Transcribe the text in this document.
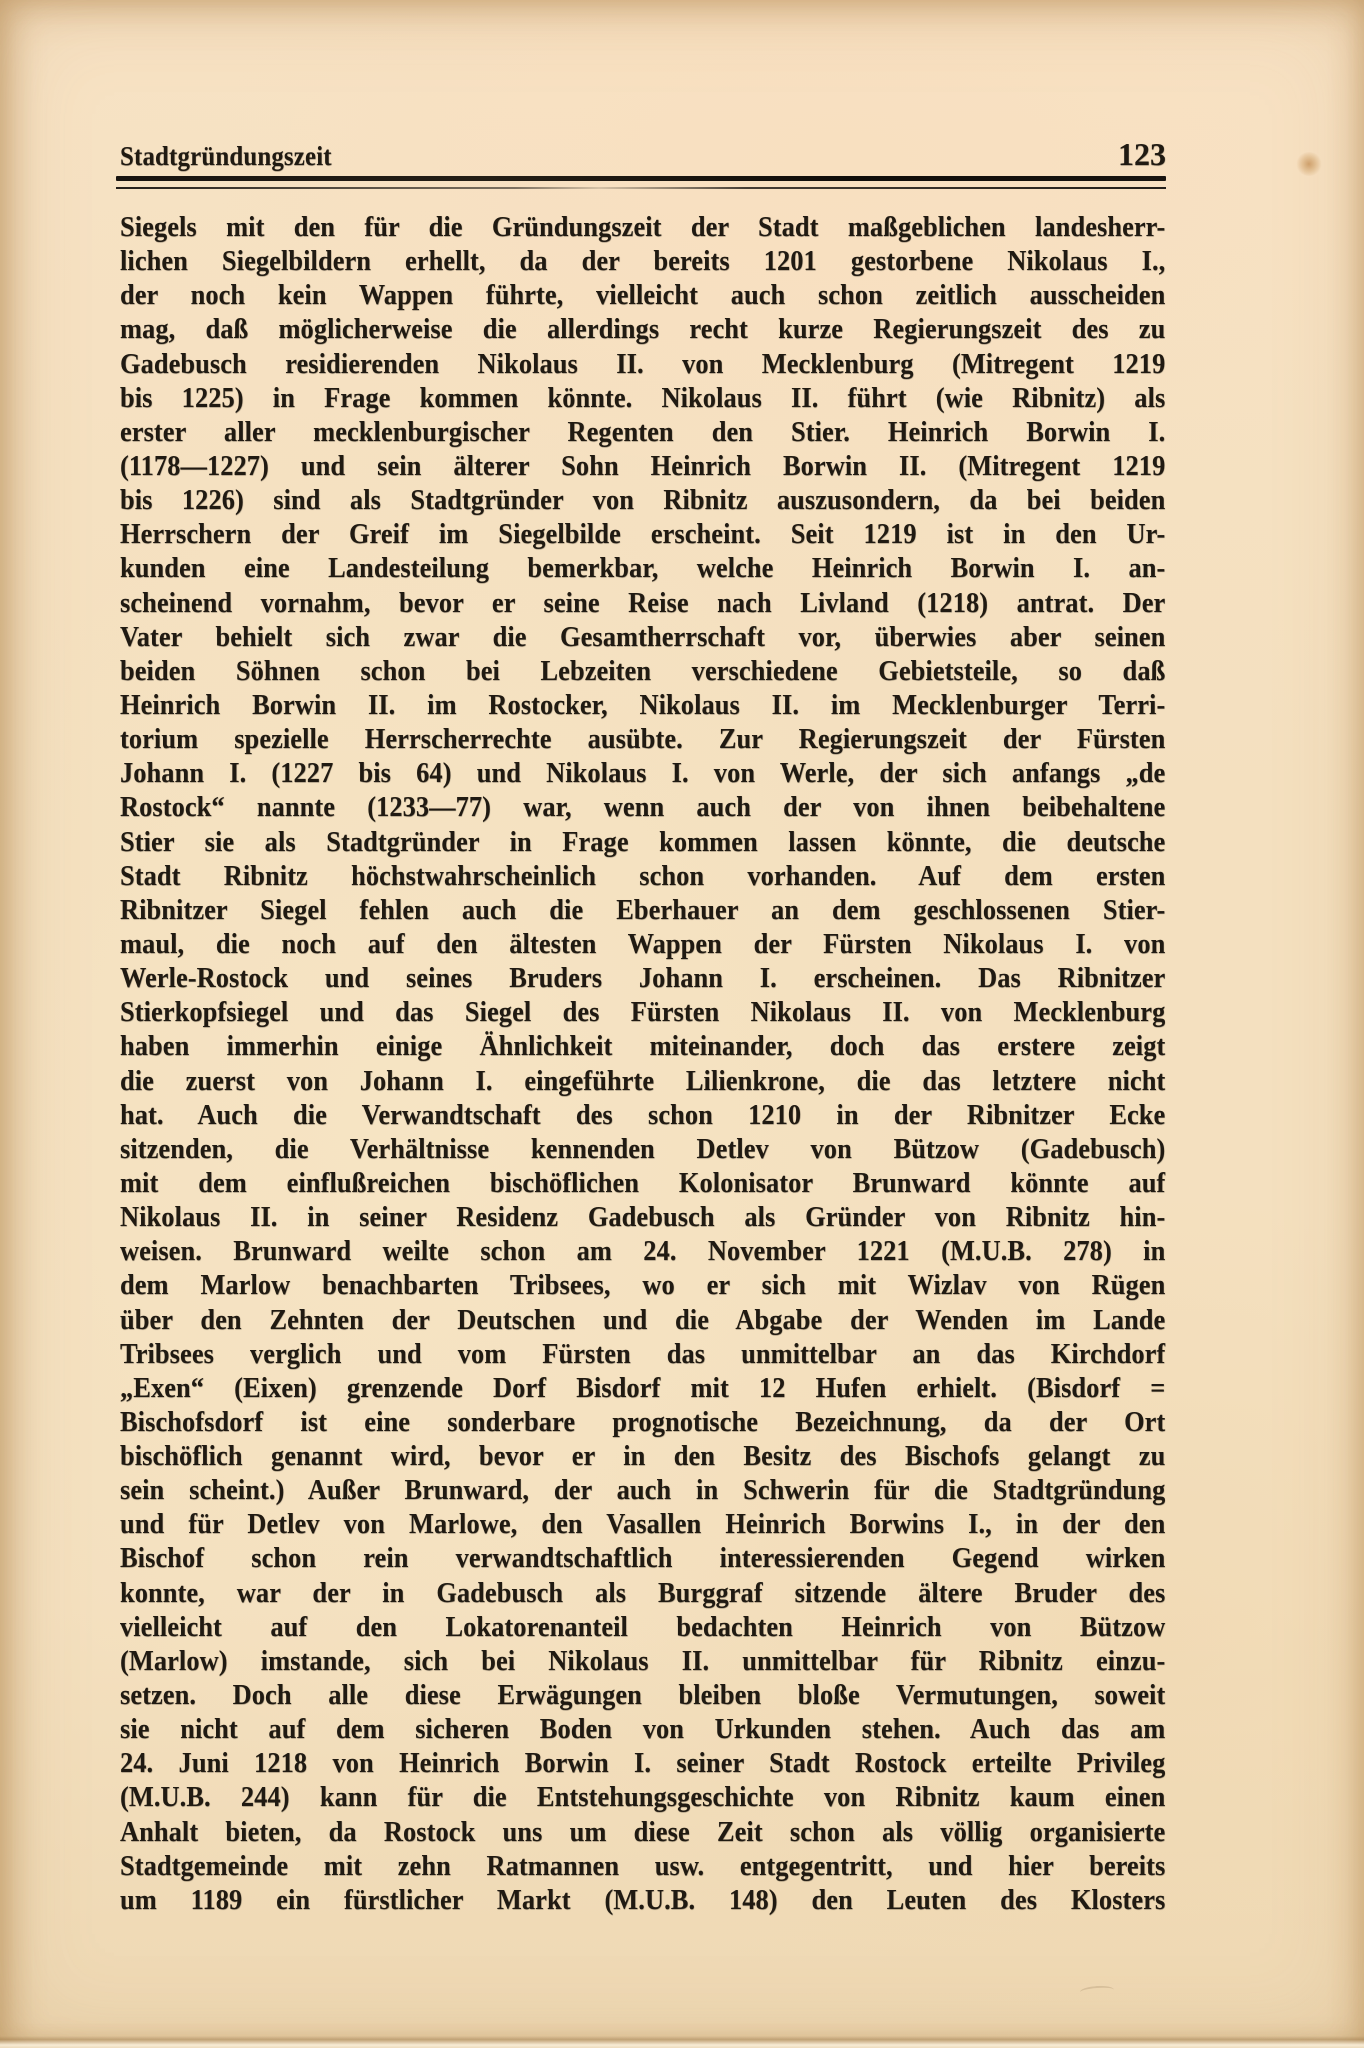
Stadtgründungszeit	123

Siegels mit den für die Gründungszeit der Stadt maßgeblichen landesherr-

lichen Siegelbildern erhellt, da der bereits 1201 gestorbene Nikolaus I.,

der noch kein Wappen führte, vielleicht auch schon zeitlich ausscheiden

mag, daß möglicherweise die allerdings recht kurze Regierungszeit des zu

Gadebusch residierenden Nikolaus II. von Mecklenburg (Mitregent 1219

bis 1225) in Frage kommen könnte. Nikolaus II. führt (wie Ribnitz) als

erster aller mecklenburgischer Regenten den Stier. Heinrich Borwin I.

(1178—1227) und sein älterer Sohn Heinrich Borwin II. (Mitregent 1219

bis 1226) sind als Stadtgründer von Ribnitz auszusondern, da bei beiden

Herrschern der Greif im Siegelbilde erscheint. Seit 1219 ist in den Ur-

kunden eine Landesteilung bemerkbar, welche Heinrich Borwin I. an-

scheinend vornahm, bevor er seine Reise nach Livland (1218) antrat. Der

Vater behielt sich zwar die Gesamtherrschaft vor, überwies aber seinen

beiden Söhnen schon bei Lebzeiten verschiedene Gebietsteile, so daß

Heinrich Borwin II. im Rostocker, Nikolaus II. im Mecklenburger Terri-

torium spezielle Herrscherrechte ausübte. Zur Regierungszeit der Fürsten

Johann I. (1227 bis 64) und Nikolaus I. von Werle, der sich anfangs „de

Rostock“ nannte (1233—77) war, wenn auch der von ihnen beibehaltene

Stier sie als Stadtgründer in Frage kommen lassen könnte, die deutsche

Stadt Ribnitz höchstwahrscheinlich schon vorhanden. Auf dem ersten

Ribnitzer Siegel fehlen auch die Eberhauer an dem geschlossenen Stier-

maul, die noch auf den ältesten Wappen der Fürsten Nikolaus I. von

Werle-Rostock und seines Bruders Johann I. erscheinen. Das Ribnitzer

Stierkopfsiegel und das Siegel des Fürsten Nikolaus II. von Mecklenburg

haben immerhin einige Ähnlichkeit miteinander, doch das erstere zeigt

die zuerst von Johann I. eingeführte Lilienkrone, die das letztere nicht

hat. Auch die Verwandtschaft des schon 1210 in der Ribnitzer Ecke

sitzenden, die Verhältnisse kennenden Detlev von Bützow (Gadebusch)

mit dem einflußreichen bischöflichen Kolonisator Brunward könnte auf

Nikolaus II. in seiner Residenz Gadebusch als Gründer von Ribnitz hin-

weisen. Brunward weilte schon am 24. November 1221 (M.U.B. 278) in

dem Marlow benachbarten Tribsees, wo er sich mit Wizlav von Rügen

über den Zehnten der Deutschen und die Abgabe der Wenden im Lande

Tribsees verglich und vom Fürsten das unmittelbar an das Kirchdorf

„Exen“ (Eixen) grenzende Dorf Bisdorf mit 12 Hufen erhielt. (Bisdorf =

Bischofsdorf ist eine sonderbare prognotische Bezeichnung, da der Ort

bischöflich genannt wird, bevor er in den Besitz des Bischofs gelangt zu

sein scheint.) Außer Brunward, der auch in Schwerin für die Stadtgründung

und für Detlev von Marlowe, den Vasallen Heinrich Borwins I., in der den

Bischof schon rein verwandtschaftlich interessierenden Gegend wirken

konnte, war der in Gadebusch als Burggraf sitzende ältere Bruder des

vielleicht auf den Lokatorenanteil bedachten Heinrich von Bützow

(Marlow) imstande, sich bei Nikolaus II. unmittelbar für Ribnitz einzu-

setzen. Doch alle diese Erwägungen bleiben bloße Vermutungen, soweit

sie nicht auf dem sicheren Boden von Urkunden stehen. Auch das am

24. Juni 1218 von Heinrich Borwin I. seiner Stadt Rostock erteilte Privileg

(M.U.B. 244) kann für die Entstehungsgeschichte von Ribnitz kaum einen

Anhalt bieten, da Rostock uns um diese Zeit schon als völlig organisierte

Stadtgemeinde mit zehn Ratmannen usw. entgegentritt, und hier bereits

um 1189 ein fürstlicher Markt (M.U.B. 148) den Leuten des Klosters
